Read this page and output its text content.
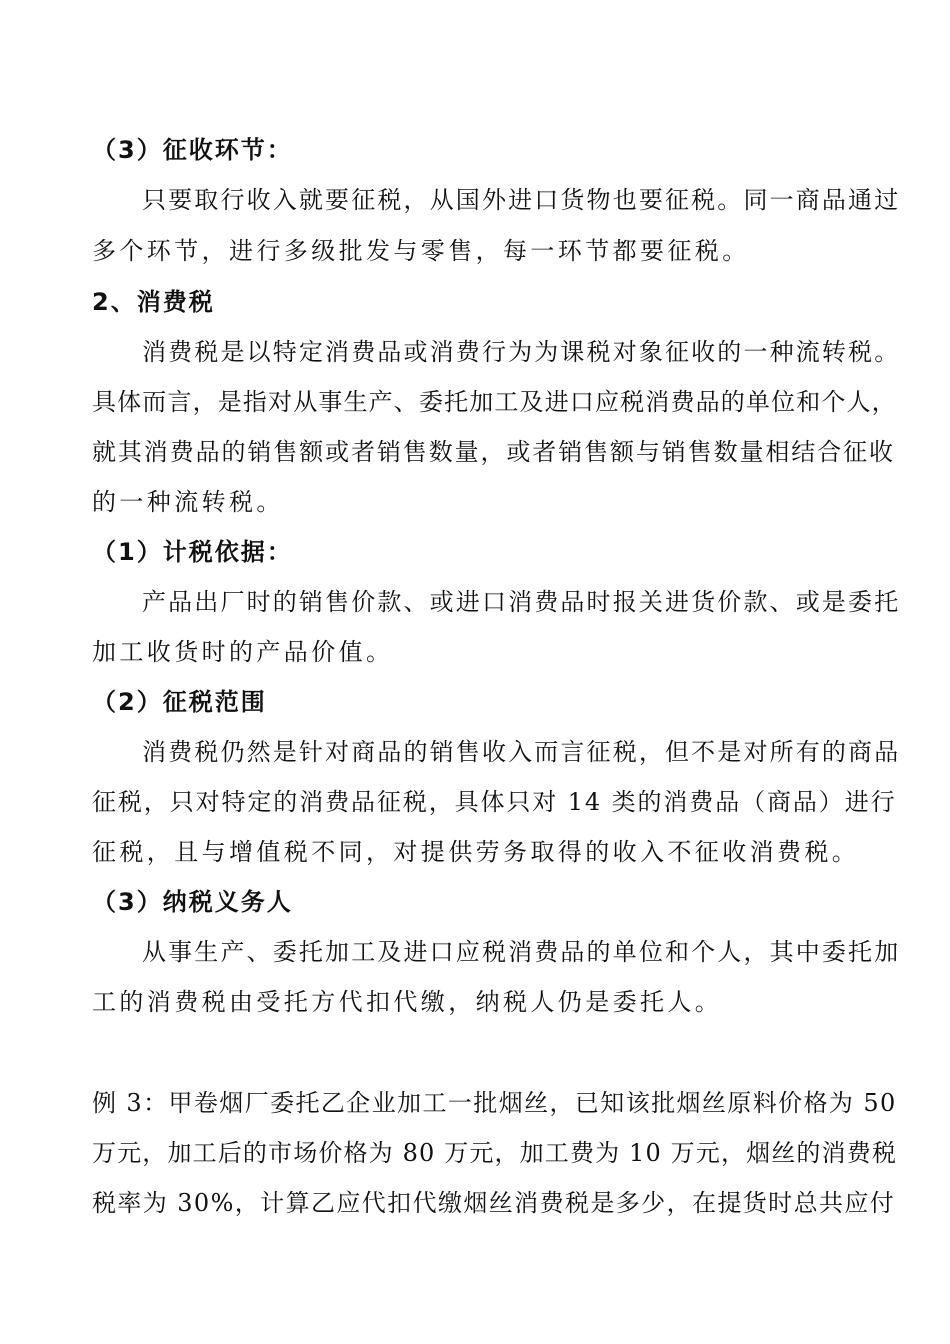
（3）征收环节：
只要取行收入就要征税，从国外进口货物也要征税。同一商品通过
多个环节，进行多级批发与零售，每一环节都要征税。
2、消费税
消费税是以特定消费品或消费行为为课税对象征收的一种流转税。
具体而言，是指对从事生产、委托加工及进口应税消费品的单位和个人，
就其消费品的销售额或者销售数量，或者销售额与销售数量相结合征收
的一种流转税。
（1）计税依据：
产品出厂时的销售价款、或进口消费品时报关进货价款、或是委托
加工收货时的产品价值。
（2）征税范围
消费税仍然是针对商品的销售收入而言征税，但不是对所有的商品
征税，只对特定的消费品征税，具体只对 14 类的消费品（商品）进行
征税，且与增值税不同，对提供劳务取得的收入不征收消费税。
（3）纳税义务人
从事生产、委托加工及进口应税消费品的单位和个人，其中委托加
工的消费税由受托方代扣代缴，纳税人仍是委托人。
例 3：甲卷烟厂委托乙企业加工一批烟丝，已知该批烟丝原料价格为 50
万元，加工后的市场价格为 80 万元，加工费为 10 万元，烟丝的消费税
税率为 30%，计算乙应代扣代缴烟丝消费税是多少，在提货时总共应付
